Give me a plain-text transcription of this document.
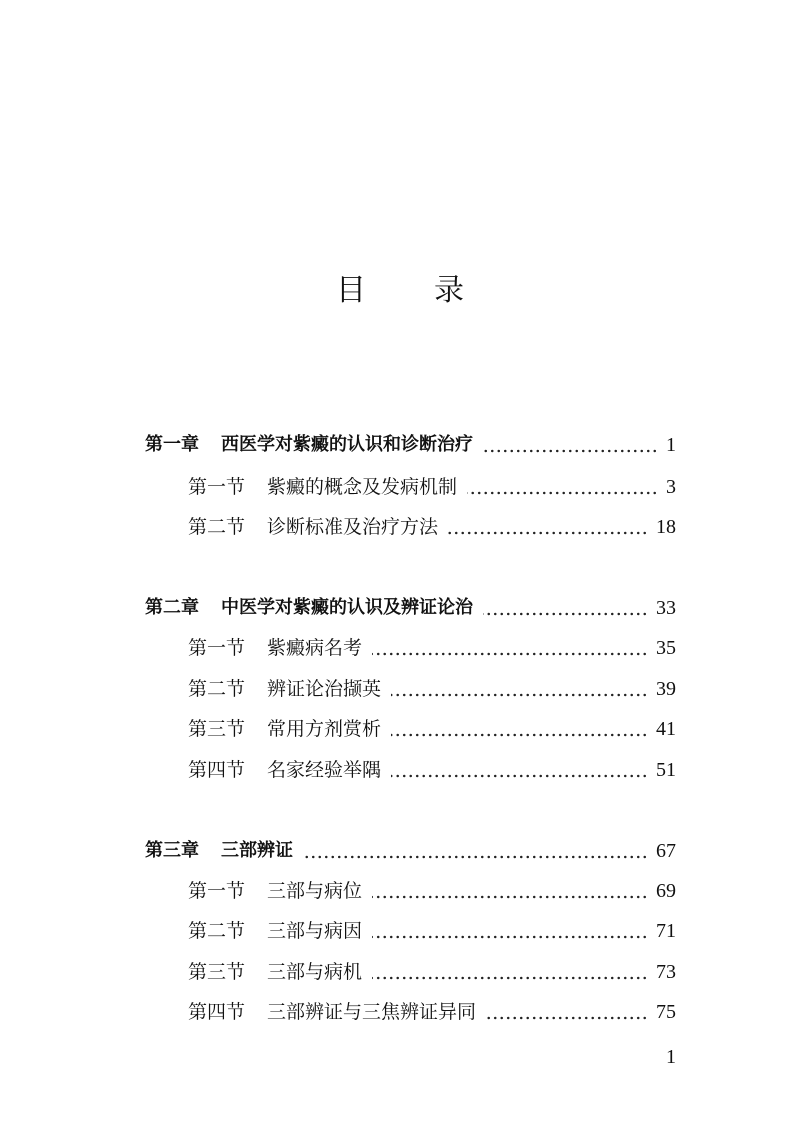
目 录
第一章 西医学对紫癜的认识和诊断治疗	1
第一节 紫癜的概念及发病机制	3
第二节 诊断标准及治疗方法	18
第二章 中医学对紫癜的认识及辨证论治	33
第一节 紫癜病名考	35
第二节 辨证论治撷英	39
第三节 常用方剂赏析	41
第四节 名家经验举隅	51
第三章 三部辨证	67
第一节 三部与病位	69
第二节 三部与病因	71
第三节 三部与病机	73
第四节 三部辨证与三焦辨证异同	75
1
